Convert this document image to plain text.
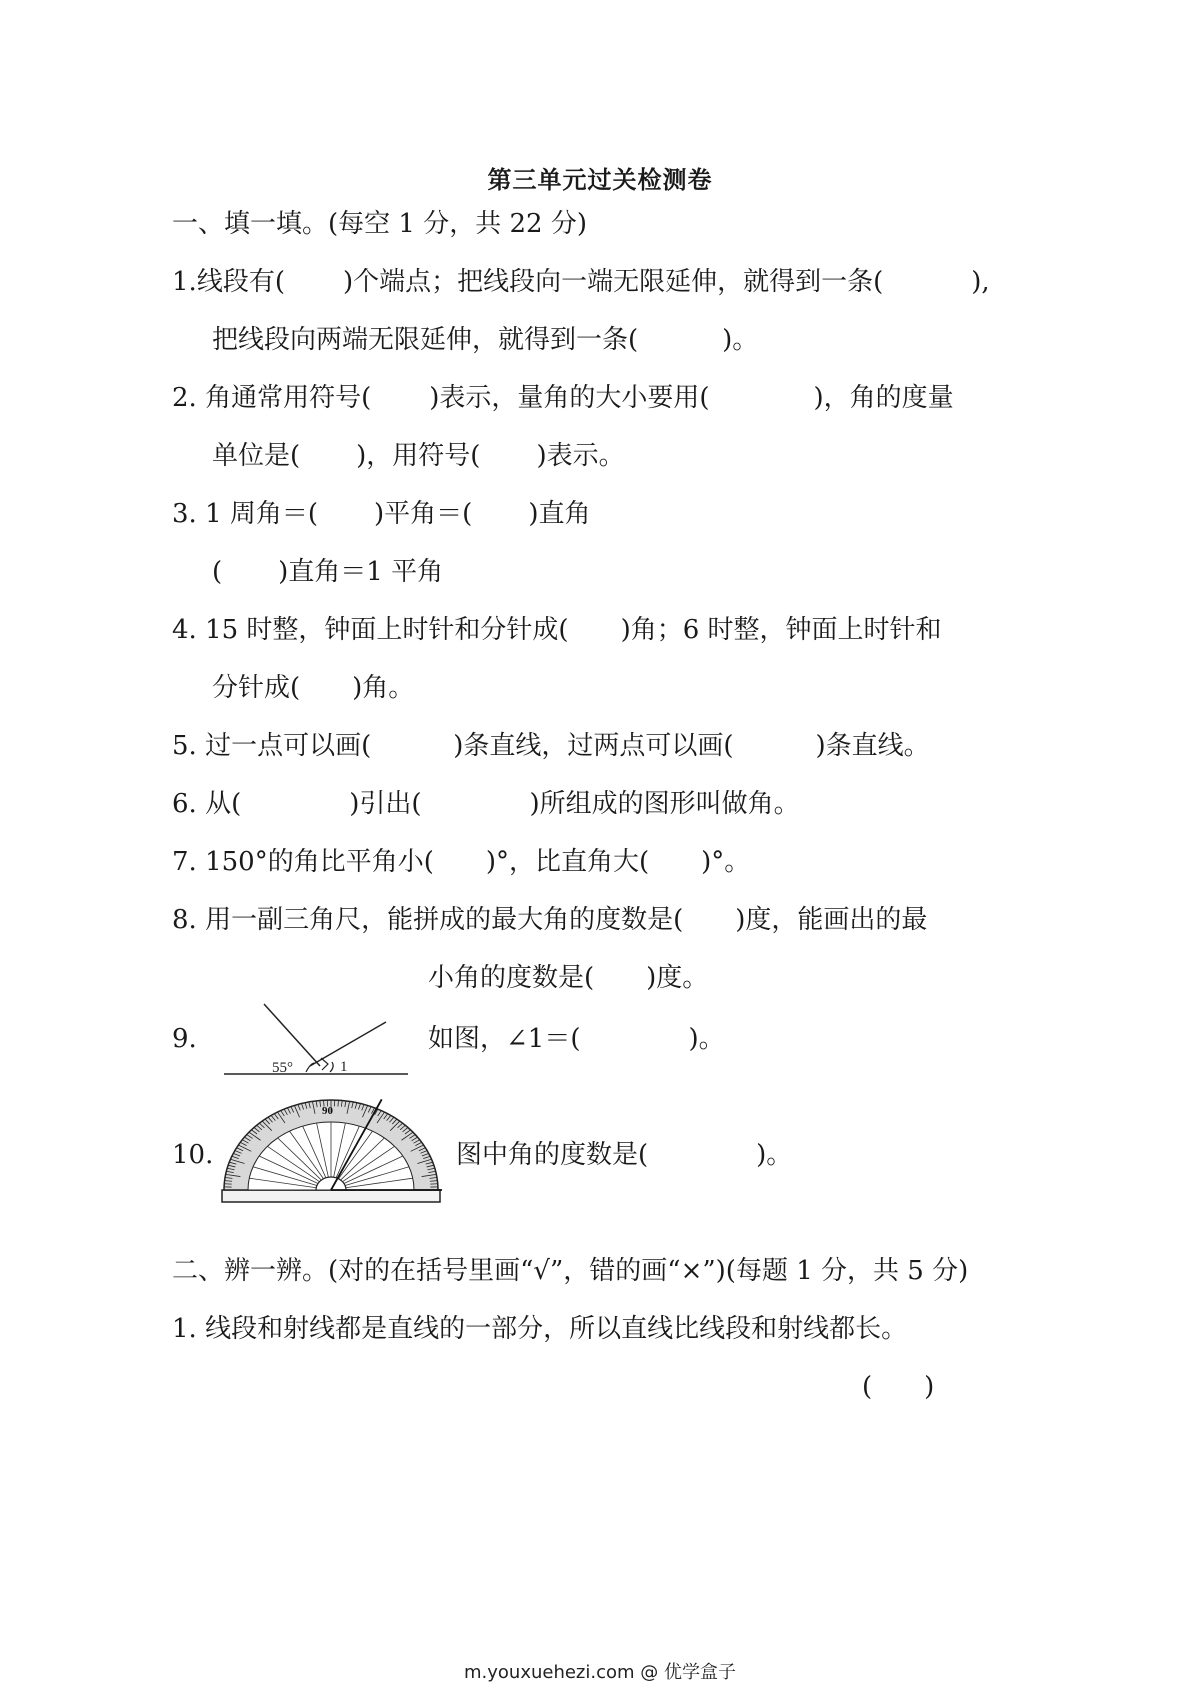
第三单元过关检测卷
一、填一填。(每空 1 分，共 22 分)
1.线段有( )个端点；把线段向一端无限延伸，就得到一条(	),
把线段向两端无限延伸，就得到一条(	)。
2. 角通常用符号( )表示，量角的大小要用(	)，角的度量
单位是( )，用符号( )表示。
3. 1 周角＝( )平角＝( )直角
( )直角＝1 平角
4. 15 时整，钟面上时针和分针成( )角；6 时整，钟面上时针和
分针成( )角。
5. 过一点可以画(	)条直线，过两点可以画(	)条直线。
6. 从(	)引出(	)所组成的图形叫做角。
7. 150°的角比平角小( )°，比直角大( )°。
8. 用一副三角尺，能拼成的最大角的度数是( )度，能画出的最
小角的度数是( )度。
9.
55°	1
如图，∠1＝(	)。
10.
90
图中角的度数是(	)。
二、辨一辨。(对的在括号里画“√”，错的画“×”)(每题 1 分，共 5 分)
1. 线段和射线都是直线的一部分，所以直线比线段和射线都长。
(　　)
m.youxuehezi.com @ 优学盒子
